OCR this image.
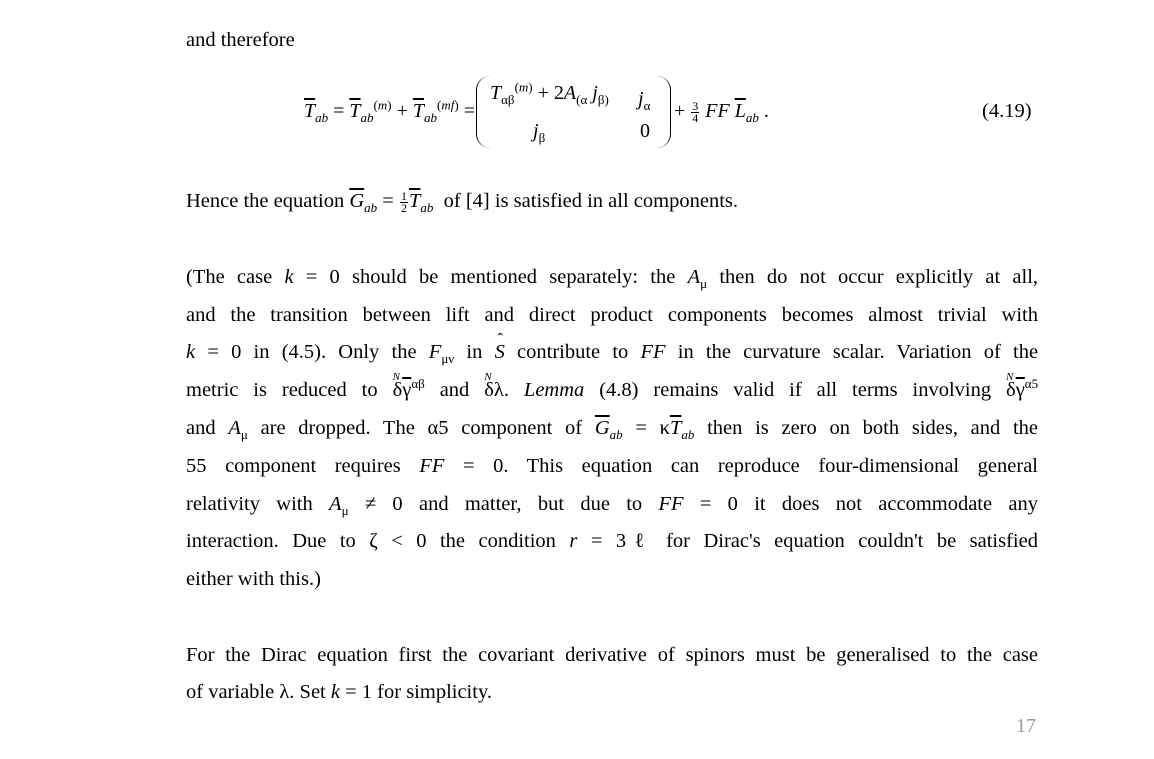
and therefore
$\overline{T}_{ab} = \overline{T}_{ab}^{(m)} + \overline{T}_{ab}^{(mf)}$ =
$T_{\alpha\beta}^{(m)} + 2A_{(\alpha}$ $j_{\beta)}$ $j_\alpha$
$j_\beta$	0
+ $\frac{3}{4}$ FF $\overline{L}_{ab}$ .	(4.19)
Hence the equation $\overline{G}_{ab} = \frac{1}{2} \overline{T}_{ab}$ of [4] is satisfied in all components.
(The case k = 0 should be mentioned separately: the $A_\mu$ then do not occur explicitly at all,
and the transition between lift and direct product components becomes almost trivial with
k = 0 in (4.5). Only the $F_{\mu\nu}$ in ˆ S contribute to FF in the curvature scalar. Variation of the
metric is reduced to N $\delta\overline{\gamma}^{\alpha\beta}$ and N δλ. Lemma (4.8) remains valid if all terms involving N $\delta\overline{\gamma}^{\alpha 5}$
and $A_\mu$ are dropped. The α5 component of $\overline{G}_{ab} = \kappa\overline{T}_{ab}$ then is zero on both sides, and the
55 component requires FF = 0. This equation can reproduce four-dimensional general
relativity with $A_\mu \ne 0$ and matter, but due to FF = 0 it does not accommodate any
interaction. Due to ζ < 0 the condition r = 3ℓ for Dirac's equation couldn't be satisfied
either with this.)
For the Dirac equation first the covariant derivative of spinors must be generalised to the case
of variable λ. Set k = 1 for simplicity.
17
